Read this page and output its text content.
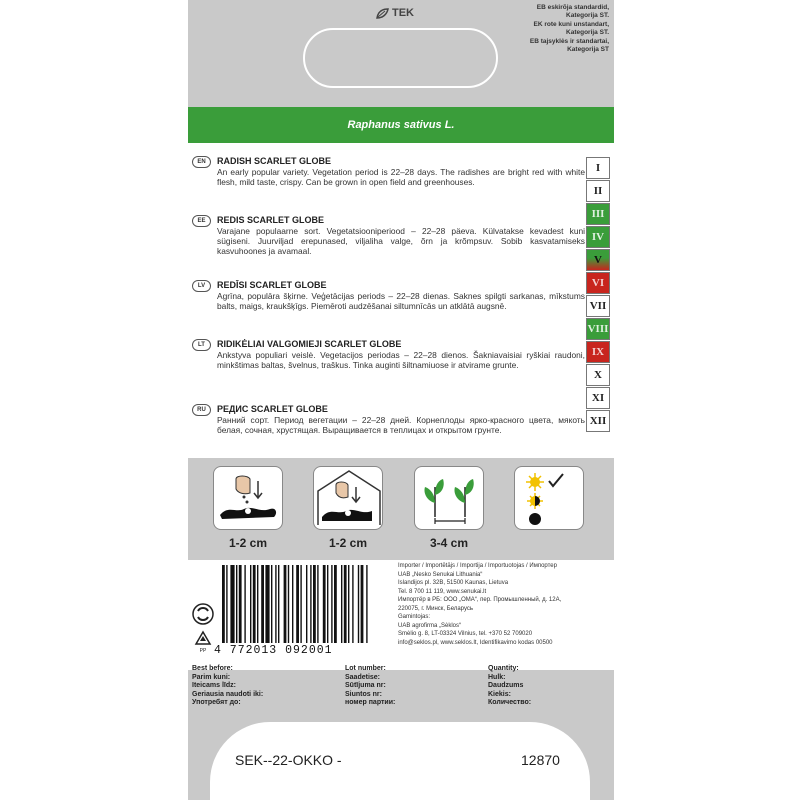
TEK	EB eskirõja standardid,
Kategorija ST.
EK rote kuni unstandart,
Kategorija ST.
EB tajsyklės ir standartai,
Kategorija ST
Raphanus sativus L.
EN	RADISH SCARLET GLOBE
An early popular variety. Vegetation period is 22–28 days. The radishes are bright red with white flesh, mild taste, crispy. Can be grown in open field and greenhouses.
EE	REDIS SCARLET GLOBE
Varajane populaarne sort. Vegetatsiooniperiood – 22–28 päeva. Külvatakse kevadest kuni sügiseni. Juurviljad erepunased, viljaliha valge, õrn ja krõmpsuv. Sobib kasvatamiseks kasvuhoones ja avamaal.
LV	REDĪSI SCARLET GLOBE
Agrīna, populāra šķirne. Veģetācijas periods – 22–28 dienas. Saknes spilgti sarkanas, mīkstums balts, maigs, kraukšķīgs. Piemēroti audzēšanai siltumnīcās un atklātā augsnē.
LT	RIDIKĖLIAI VALGOMIEJI SCARLET GLOBE
Ankstyva populiari veislė. Vegetacijos periodas – 22–28 dienos. Šakniavaisiai ryškiai raudoni, minkštimas baltas, švelnus, traškus. Tinka auginti šiltnamiuose ir atvirame grunte.
RU	РЕДИС SCARLET GLOBE
Ранний сорт. Период вегетации – 22–28 дней. Корнеплоды ярко-красного цвета, мякоть белая, сочная, хрустящая. Выращивается в теплицах и открытом грунте.
I
II
III
IV
V
VI
VII
VIII
IX
X
XI
XII
1-2 cm	1-2 cm	3-4 cm
4 772013 092001
PP
Importer / Importētājs / Importija / Importuotojas / Импортер
UAB „Nesko Senukai Lithuania“
Islandijos pl. 32B, 51500 Kaunas, Lietuva
Tel. 8 700 11 119, www.senukai.lt
Импортёр в РБ: ООО „ОМА“, пер. Промышленный, д. 12А,
220075, г. Минск, Беларусь
Gamintojas:
UAB agrofirma „Sėklos“
Smėlio g. 8, LT-03324 Vilnius, tel. +370 52 709020
info@seklos.pl, www.seklos.lt, Identifikavimo kodas 00500
Best before:
Parim kuni:
Iteicams līdz:
Geriausia naudoti iki:
Употребят до:
Lot number:
Saadetise:
Sūtījuma nr:
Siuntos nr:
номер партии:
Quantity:
Hulk:
Daudzums
Kiekis:
Количество:
SEK--22-OKKO -	12870
